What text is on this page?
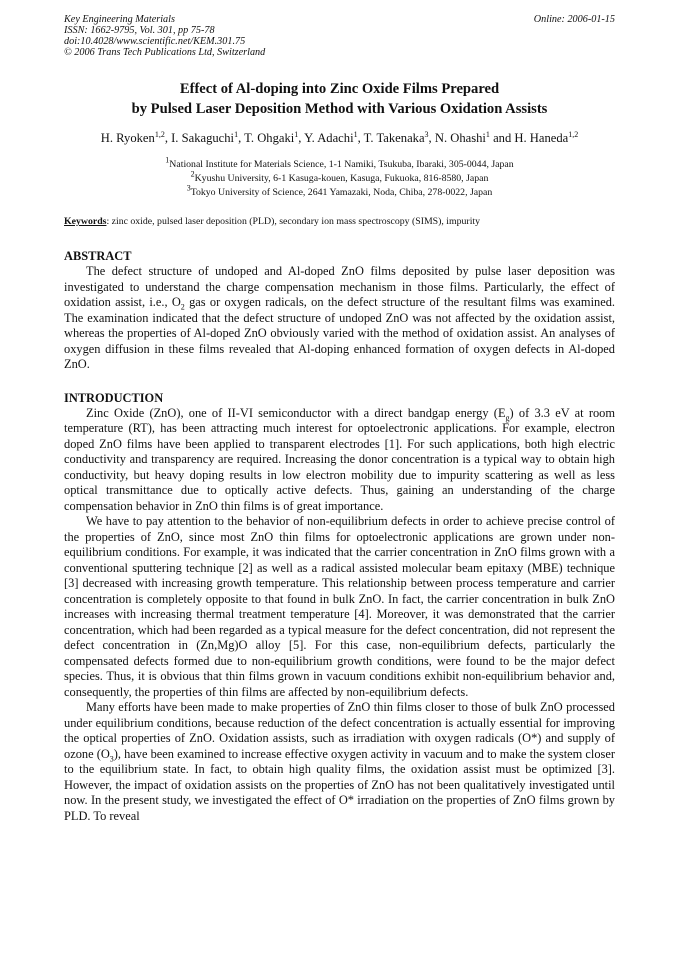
Key Engineering Materials	Online: 2006-01-15
ISSN: 1662-9795, Vol. 301, pp 75-78
doi:10.4028/www.scientific.net/KEM.301.75
© 2006 Trans Tech Publications Ltd, Switzerland
Effect of Al-doping into Zinc Oxide Films Prepared
by Pulsed Laser Deposition Method with Various Oxidation Assists
H. Ryoken$^{1,2}$, I. Sakaguchi$^1$, T. Ohgaki$^1$, Y. Adachi$^1$, T. Takenaka$^3$, N. Ohashi$^1$ and H. Haneda$^{1,2}$
$^1$National Institute for Materials Science, 1-1 Namiki, Tsukuba, Ibaraki, 305-0044, Japan
$^2$Kyushu University, 6-1 Kasuga-kouen, Kasuga, Fukuoka, 816-8580, Japan
$^3$Tokyo University of Science, 2641 Yamazaki, Noda, Chiba, 278-0022, Japan
Keywords: zinc oxide, pulsed laser deposition (PLD), secondary ion mass spectroscopy (SIMS), impurity
ABSTRACT

The defect structure of undoped and Al-doped ZnO films deposited by pulse laser deposition was investigated to understand the charge compensation mechanism in those films. Particularly, the effect of oxidation assist, i.e., $O_2$ gas or oxygen radicals, on the defect structure of the resultant films was examined. The examination indicated that the defect structure of undoped ZnO was not affected by the oxidation assist, whereas the properties of Al-doped ZnO obviously varied with the method of oxidation assist. An analyses of oxygen diffusion in these films revealed that Al-doping enhanced formation of oxygen defects in Al-doped ZnO.

INTRODUCTION

Zinc Oxide (ZnO), one of II-VI semiconductor with a direct bandgap energy $(E_g)$ of 3.3 eV at room temperature (RT), has been attracting much interest for optoelectronic applications. For example, electron doped ZnO films have been applied to transparent electrodes [1]. For such applications, both high electric conductivity and transparency are required. Increasing the donor concentration is a typical way to obtain high conductivity, but heavy doping results in low electron mobility due to impurity scattering as well as less optical transmittance due to optically active defects. Thus, gaining an understanding of the charge compensation behavior in ZnO thin films is of great importance.

We have to pay attention to the behavior of non-equilibrium defects in order to achieve precise control of the properties of ZnO, since most ZnO thin films for optoelectronic applications are grown under non-equilibrium conditions. For example, it was indicated that the carrier concentration in ZnO films grown with a conventional sputtering technique [2] as well as a radical assisted molecular beam epitaxy (MBE) technique [3] decreased with increasing growth temperature. This relationship between process temperature and carrier concentration is completely opposite to that found in bulk ZnO. In fact, the carrier concentration in bulk ZnO increases with increasing thermal treatment temperature [4]. Moreover, it was demonstrated that the carrier concentration, which had been regarded as a typical measure for the defect concentration, did not represent the defect concentration in (Zn,Mg)O alloy [5]. For this case, non-equilibrium defects, particularly the compensated defects formed due to non-equilibrium growth conditions, were found to be the major defect species. Thus, it is obvious that thin films grown in vacuum conditions exhibit non-equilibrium behavior and, consequently, the properties of thin films are affected by non-equilibrium defects.

Many efforts have been made to make properties of ZnO thin films closer to those of bulk ZnO processed under equilibrium conditions, because reduction of the defect concentration is actually essential for improving the optical properties of ZnO. Oxidation assists, such as irradiation with oxygen radicals (O*) and supply of ozone $(O_3)$, have been examined to increase effective oxygen activity in vacuum and to make the system closer to the equilibrium state. In fact, to obtain high quality films, the oxidation assist must be optimized [3]. However, the impact of oxidation assists on the properties of ZnO has not been qualitatively investigated until now. In the present study, we investigated the effect of O* irradiation on the properties of ZnO films grown by PLD. To reveal
